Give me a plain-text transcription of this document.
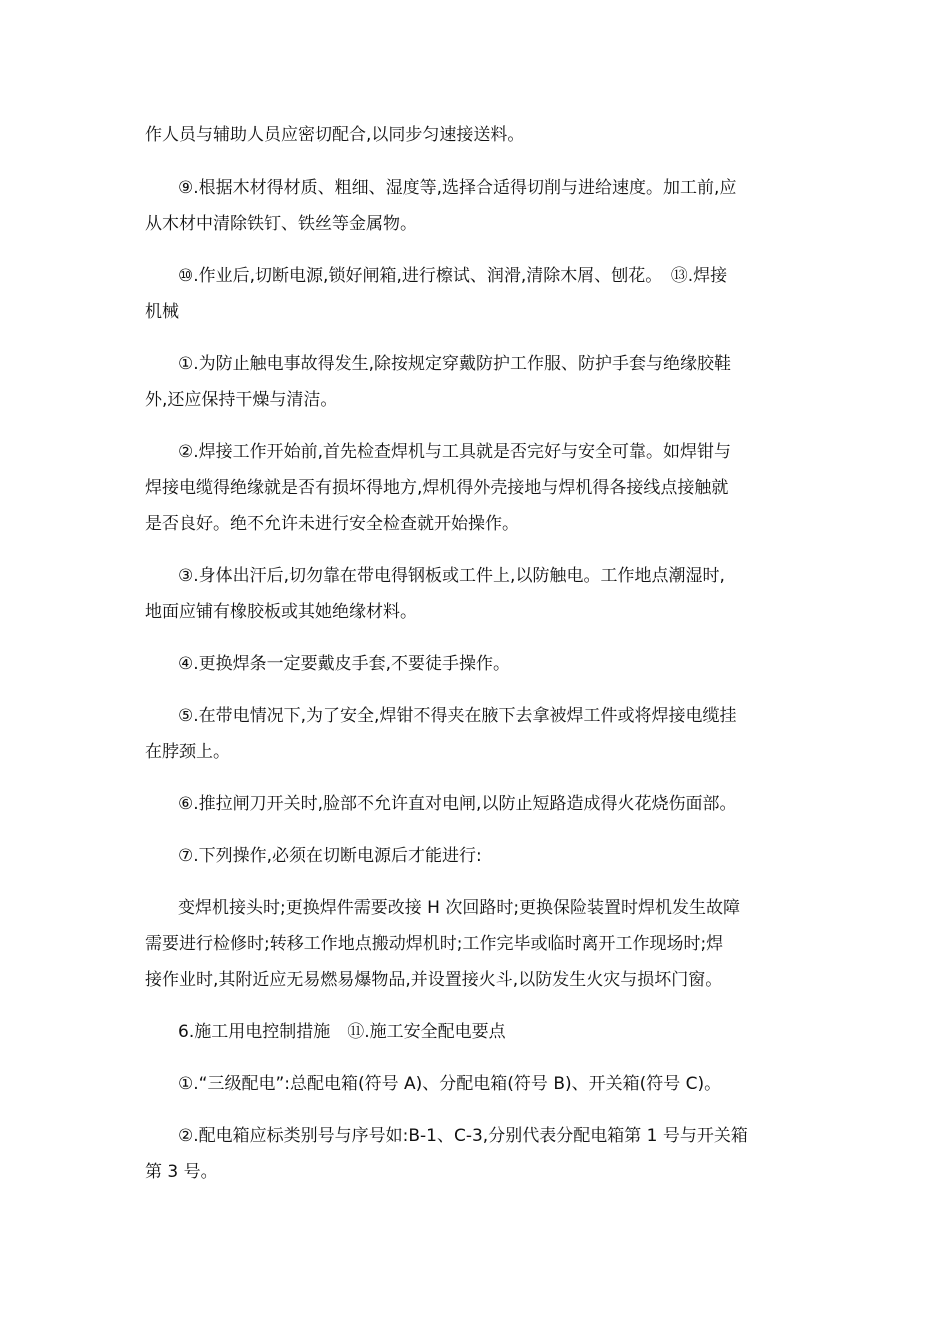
作人员与辅助人员应密切配合,以同步匀速接送料。
⑨.根据木材得材质、粗细、湿度等,选择合适得切削与进给速度。加工前,应
从木材中清除铁钉、铁丝等金属物。
⑩.作业后,切断电源,锁好闸箱,进行檫试、润滑,清除木屑、刨花。　⑬.焊接
机械
①.为防止触电事故得发生,除按规定穿戴防护工作服、防护手套与绝缘胶鞋
外,还应保持干燥与清洁。
②.焊接工作开始前,首先检查焊机与工具就是否完好与安全可靠。如焊钳与
焊接电缆得绝缘就是否有损坏得地方,焊机得外壳接地与焊机得各接线点接触就
是否良好。绝不允许未进行安全检查就开始操作。
③.身体出汗后,切勿靠在带电得钢板或工件上,以防触电。工作地点潮湿时,
地面应铺有橡胶板或其她绝缘材料。
④.更换焊条一定要戴皮手套,不要徒手操作。
⑤.在带电情况下,为了安全,焊钳不得夹在腋下去拿被焊工件或将焊接电缆挂
在脖颈上。
⑥.推拉闸刀开关时,脸部不允许直对电闸,以防止短路造成得火花烧伤面部。
⑦.下列操作,必须在切断电源后才能进行:
变焊机接头时;更换焊件需要改接 H 次回路时;更换保险装置时焊机发生故障
需要进行检修时;转移工作地点搬动焊机时;工作完毕或临时离开工作现场时;焊
接作业时,其附近应无易燃易爆物品,并设置接火斗,以防发生火灾与损坏门窗。
6.施工用电控制措施　⑪.施工安全配电要点
①.“三级配电”:总配电箱(符号 A)、分配电箱(符号 B)、开关箱(符号 C)。
②.配电箱应标类别号与序号如:B-1、C-3,分别代表分配电箱第 1 号与开关箱
第 3 号。
